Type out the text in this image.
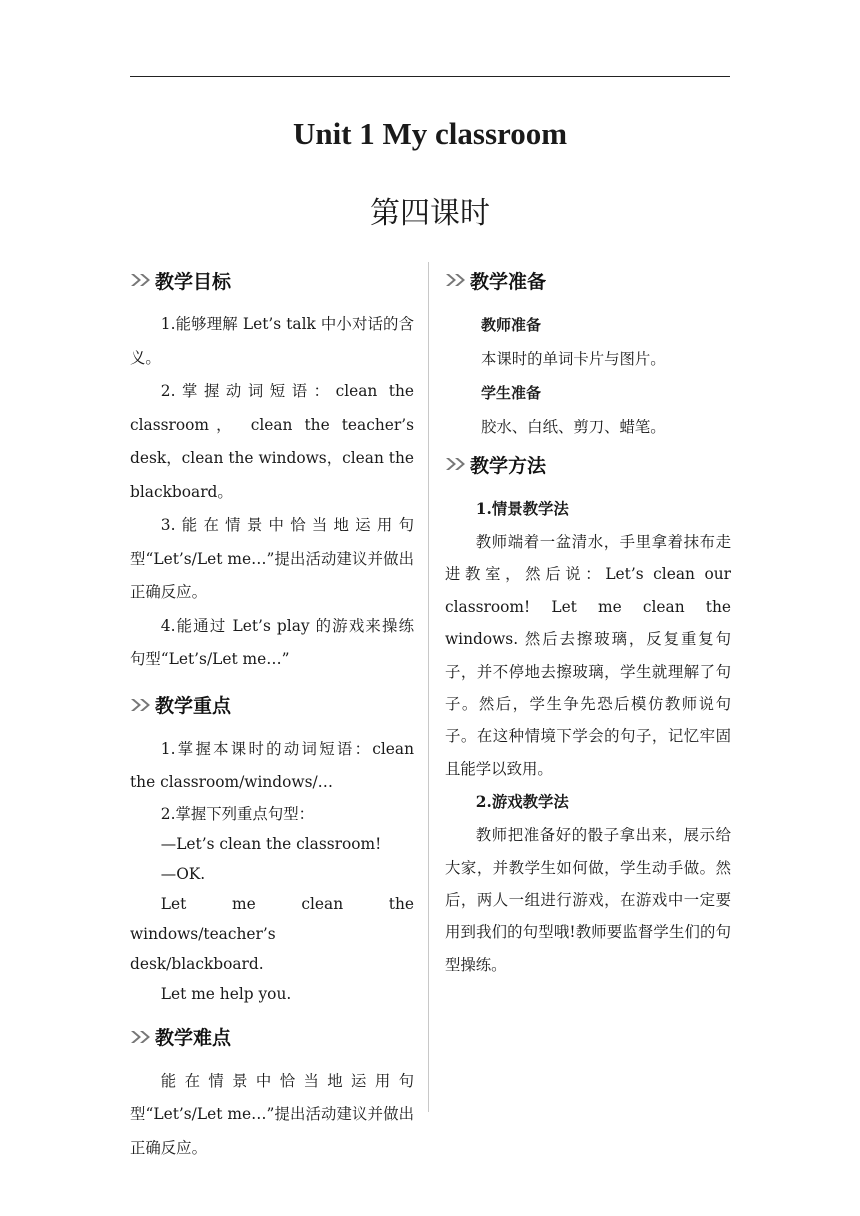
Unit 1 My classroom
第四课时
教学目标

1.能够理解 Let’s talk 中小对话的含义。

2.掌握动词短语：clean the classroom， clean the teacher’s desk，clean the windows，clean the blackboard。

3.能在情景中恰当地运用句型“Let’s/Let me…”提出活动建议并做出正确反应。

4.能通过 Let’s play 的游戏来操练句型“Let’s/Let me…”

教学重点

1.掌握本课时的动词短语：clean the classroom/windows/…

2.掌握下列重点句型：

—Let’s clean the classroom!

—OK.

Let me clean the windows/teacher’s desk/blackboard.

Let me help you.

教学难点

能在情景中恰当地运用句型“Let’s/Let me…”提出活动建议并做出正确反应。

教学准备

教师准备

本课时的单词卡片与图片。

学生准备

胶水、白纸、剪刀、蜡笔。

教学方法

1.情景教学法

教师端着一盆清水，手里拿着抹布走进教室，然后说：Let’s clean our classroom! Let me clean the windows. 然后去擦玻璃，反复重复句子，并不停地去擦玻璃，学生就理解了句子。然后，学生争先恐后模仿教师说句子。在这种情境下学会的句子，记忆牢固且能学以致用。

2.游戏教学法

教师把准备好的骰子拿出来，展示给大家，并教学生如何做，学生动手做。然后，两人一组进行游戏，在游戏中一定要用到我们的句型哦!教师要监督学生们的句型操练。
